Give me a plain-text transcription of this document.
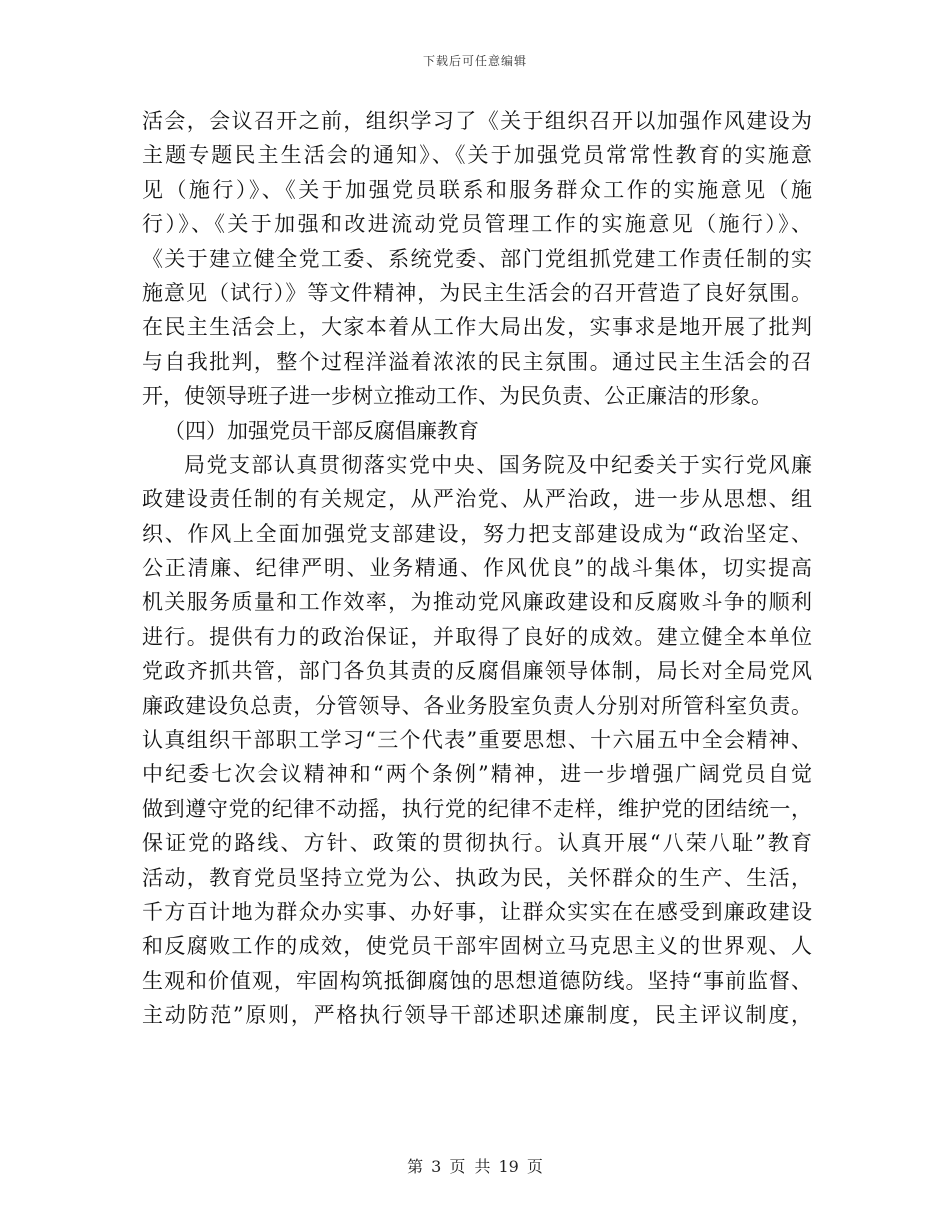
下载后可任意编辑
活会，会议召开之前，组织学习了《关于组织召开以加强作风建设为
主题专题民主生活会的通知》、《关于加强党员常常性教育的实施意
见（施行）》、《关于加强党员联系和服务群众工作的实施意见（施
行）》、《关于加强和改进流动党员管理工作的实施意见（施行）》、
《关于建立健全党工委、系统党委、部门党组抓党建工作责任制的实
施意见（试行）》等文件精神，为民主生活会的召开营造了良好氛围。
在民主生活会上，大家本着从工作大局出发，实事求是地开展了批判
与自我批判，整个过程洋溢着浓浓的民主氛围。通过民主生活会的召
开，使领导班子进一步树立推动工作、为民负责、公正廉洁的形象。
（四）加强党员干部反腐倡廉教育
局党支部认真贯彻落实党中央、国务院及中纪委关于实行党风廉
政建设责任制的有关规定，从严治党、从严治政，进一步从思想、组
织、作风上全面加强党支部建设，努力把支部建设成为“政治坚定、
公正清廉、纪律严明、业务精通、作风优良”的战斗集体，切实提高
机关服务质量和工作效率，为推动党风廉政建设和反腐败斗争的顺利
进行。提供有力的政治保证，并取得了良好的成效。建立健全本单位
党政齐抓共管，部门各负其责的反腐倡廉领导体制，局长对全局党风
廉政建设负总责，分管领导、各业务股室负责人分别对所管科室负责。
认真组织干部职工学习“三个代表”重要思想、十六届五中全会精神、
中纪委七次会议精神和“两个条例”精神，进一步增强广阔党员自觉
做到遵守党的纪律不动摇，执行党的纪律不走样，维护党的团结统一，
保证党的路线、方针、政策的贯彻执行。认真开展“八荣八耻”教育
活动，教育党员坚持立党为公、执政为民，关怀群众的生产、生活，
千方百计地为群众办实事、办好事，让群众实实在在感受到廉政建设
和反腐败工作的成效，使党员干部牢固树立马克思主义的世界观、人
生观和价值观，牢固构筑抵御腐蚀的思想道德防线。坚持“事前监督、
主动防范”原则，严格执行领导干部述职述廉制度，民主评议制度，
第 3 页 共 19 页
